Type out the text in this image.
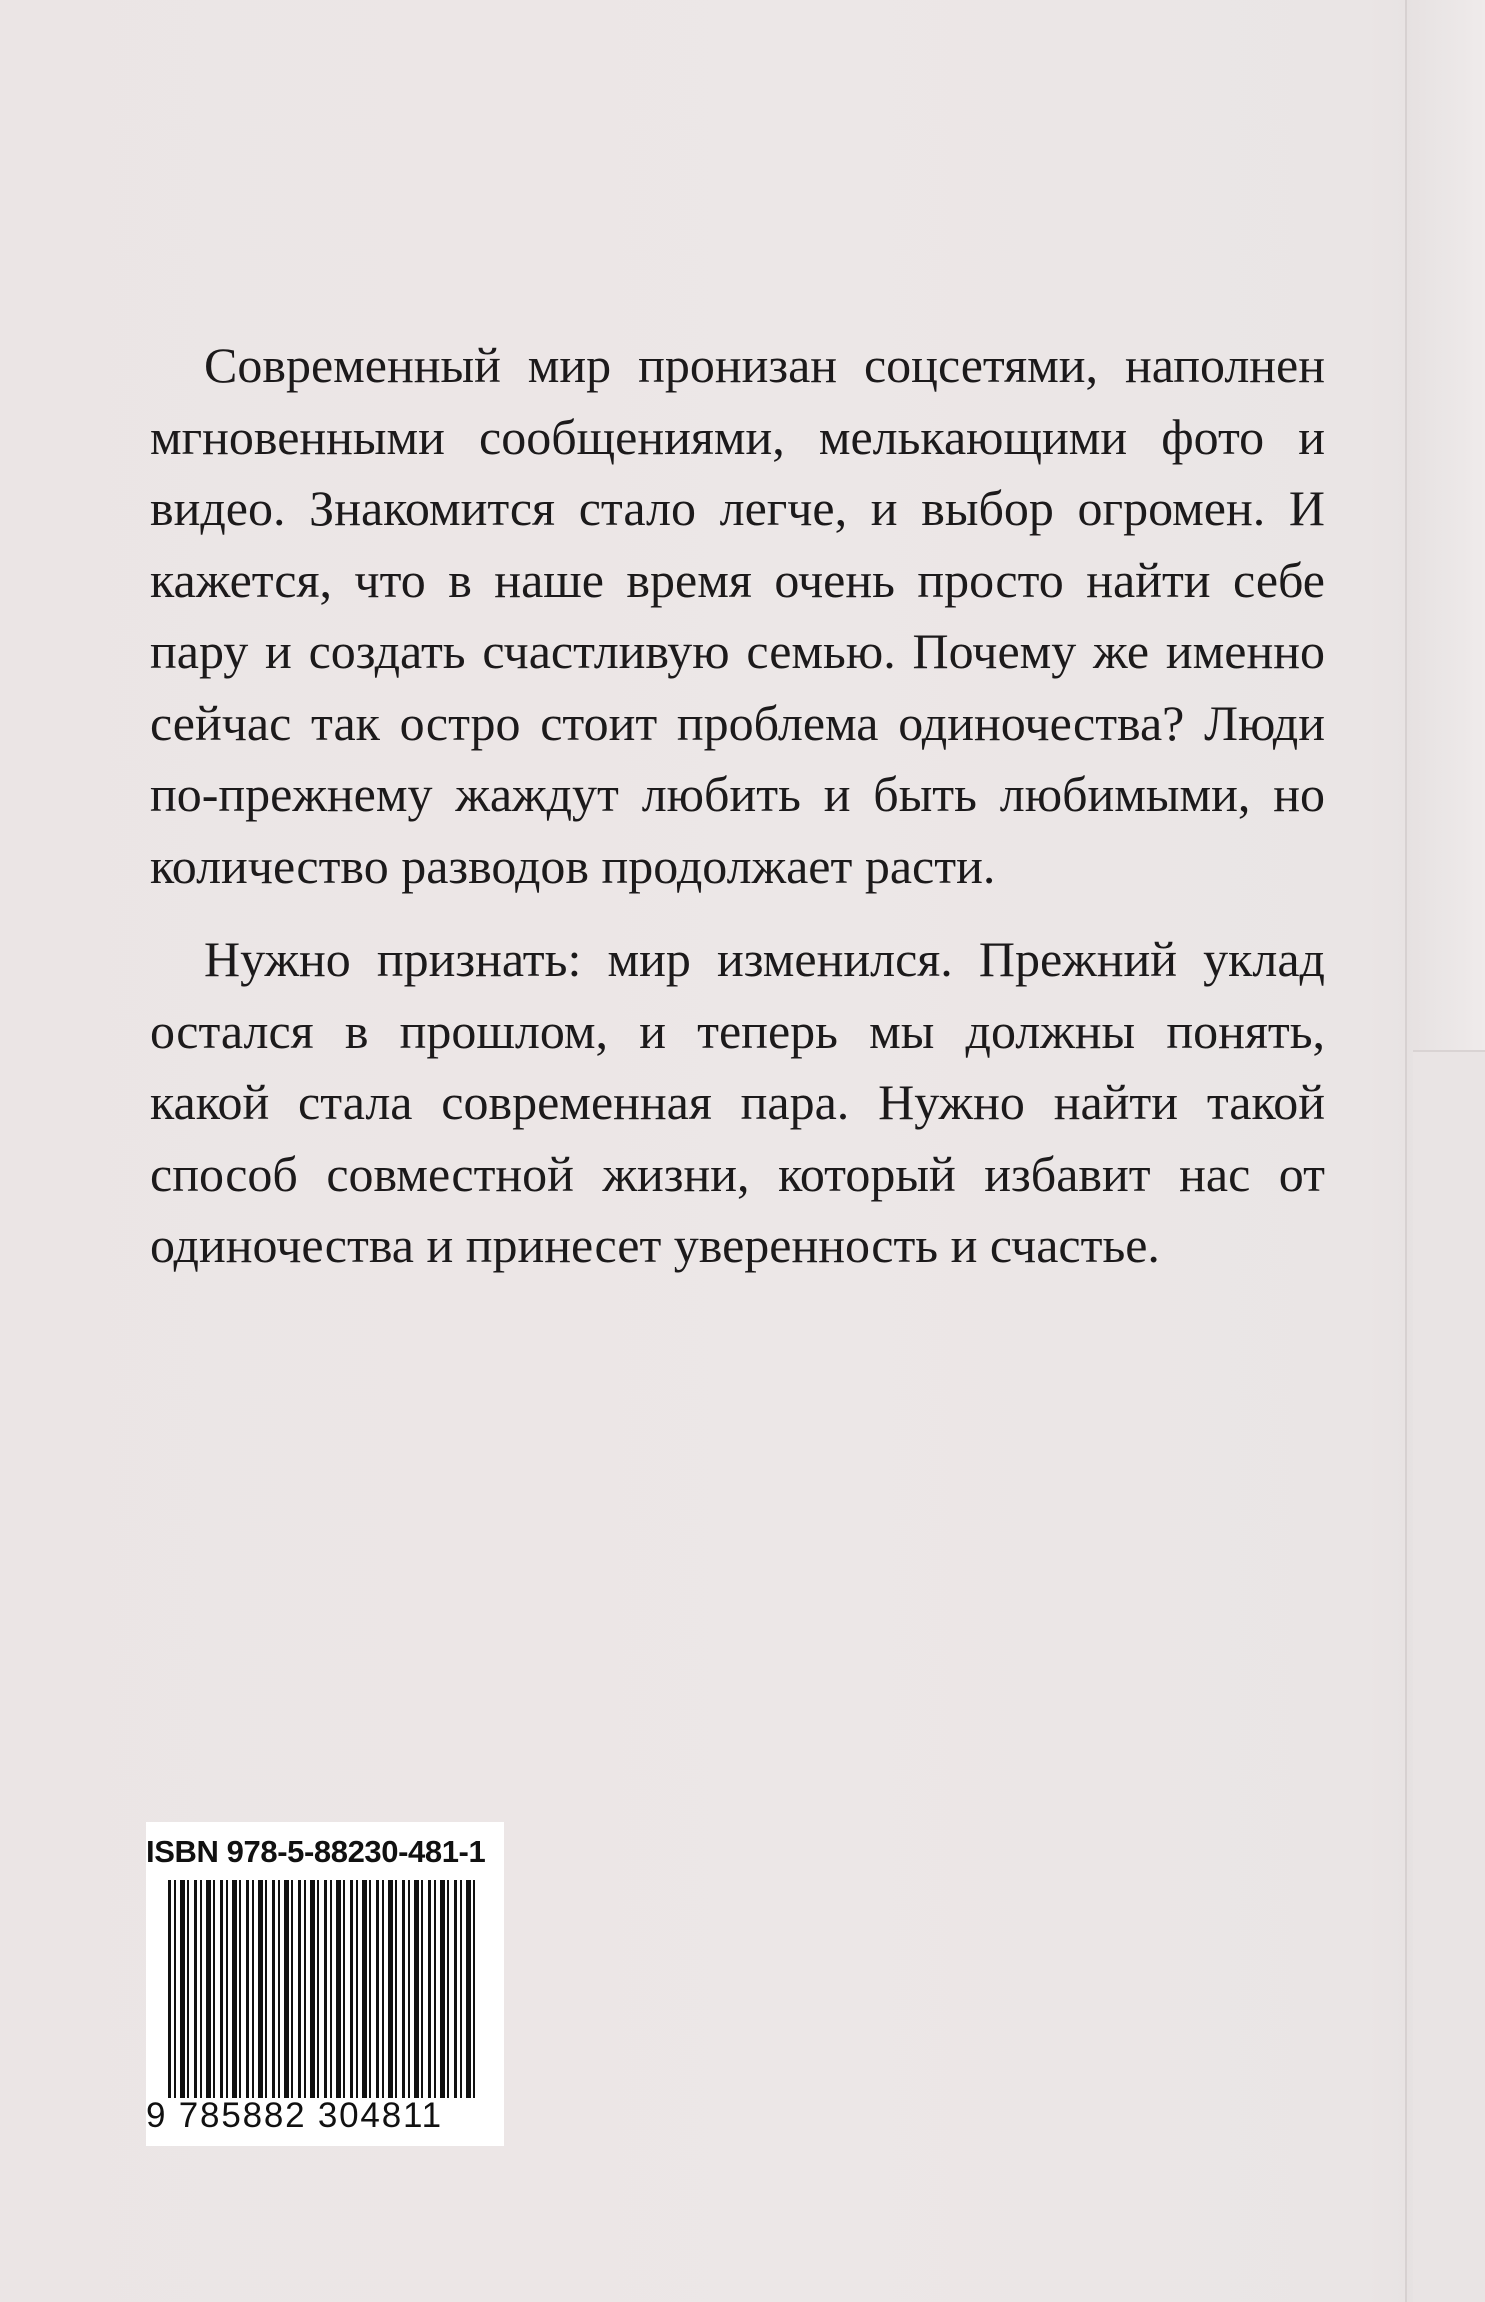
Современный мир пронизан соцсетями, наполнен мгновенными сообщениями, мелькающими фото и видео. Знакомится стало легче, и выбор огромен. И кажется, что в наше время очень просто найти себе пару и создать счастливую семью. Почему же именно сейчас так остро стоит проблема одиночества? Люди по-прежнему жаждут любить и быть любимыми, но количество разводов продолжает расти.

Нужно признать: мир изменился. Прежний уклад остался в прошлом, и теперь мы должны понять, какой стала современная пара. Нужно найти такой способ совместной жизни, который избавит нас от одиночества и принесет уверенность и счастье.

ISBN 978-5-88230-481-1
9 785882 304811
